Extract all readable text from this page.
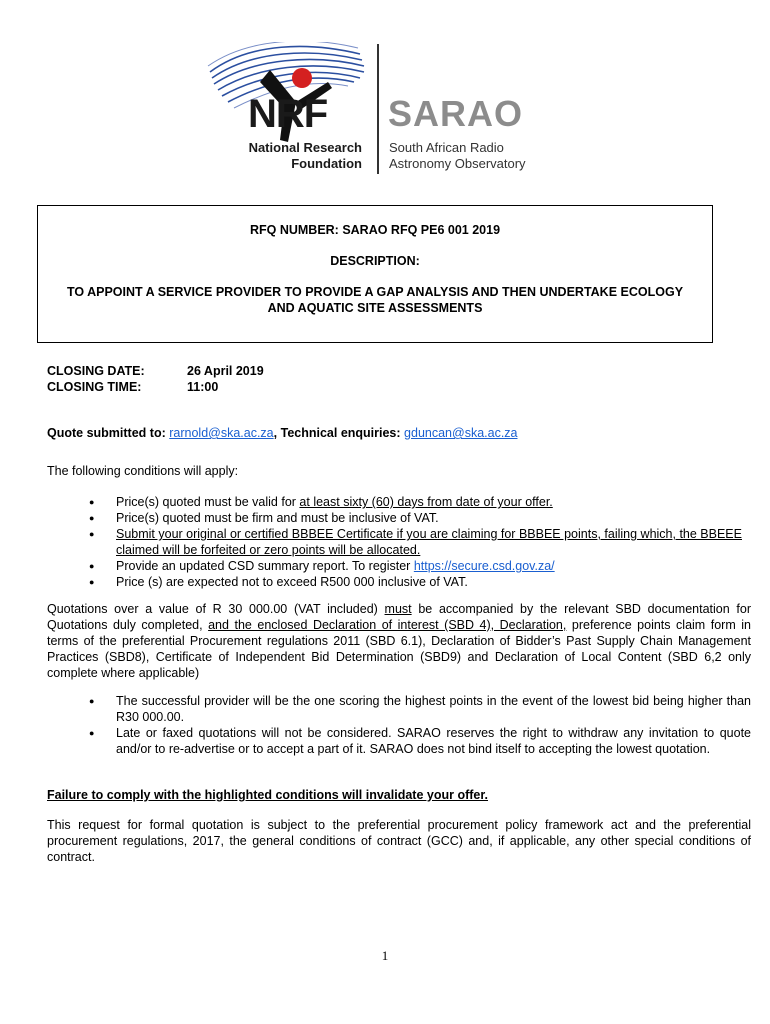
NRF
National Research
Foundation
SARAO
South African Radio
Astronomy Observatory
RFQ NUMBER: SARAO RFQ PE6 001 2019
DESCRIPTION:
TO APPOINT A SERVICE PROVIDER TO PROVIDE A GAP ANALYSIS AND THEN UNDERTAKE ECOLOGY AND AQUATIC SITE ASSESSMENTS
CLOSING DATE:	26 April 2019
CLOSING TIME:	11:00
Quote submitted to: rarnold@ska.ac.za, Technical enquiries: gduncan@ska.ac.za
The following conditions will apply:
● Price(s) quoted must be valid for at least sixty (60) days from date of your offer.
● Price(s) quoted must be firm and must be inclusive of VAT.
● Submit your original or certified BBBEE Certificate if you are claiming for BBBEE points, failing which, the BBEEE claimed will be forfeited or zero points will be allocated.
● Provide an updated CSD summary report. To register https://secure.csd.gov.za/
● Price (s) are expected not to exceed R500 000 inclusive of VAT.
Quotations over a value of R 30 000.00 (VAT included) must be accompanied by the relevant SBD documentation for Quotations duly completed, and the enclosed Declaration of interest (SBD 4), Declaration, preference points claim form in terms of the preferential Procurement regulations 2011 (SBD 6.1), Declaration of Bidder’s Past Supply Chain Management Practices (SBD8), Certificate of Independent Bid Determination (SBD9) and Declaration of Local Content (SBD 6,2 only complete where applicable)
● The successful provider will be the one scoring the highest points in the event of the lowest bid being higher than R30 000.00.
● Late or faxed quotations will not be considered. SARAO reserves the right to withdraw any invitation to quote and/or to re-advertise or to accept a part of it. SARAO does not bind itself to accepting the lowest quotation.
Failure to comply with the highlighted conditions will invalidate your offer.
This request for formal quotation is subject to the preferential procurement policy framework act and the preferential procurement regulations, 2017, the general conditions of contract (GCC) and, if applicable, any other special conditions of contract.
1
